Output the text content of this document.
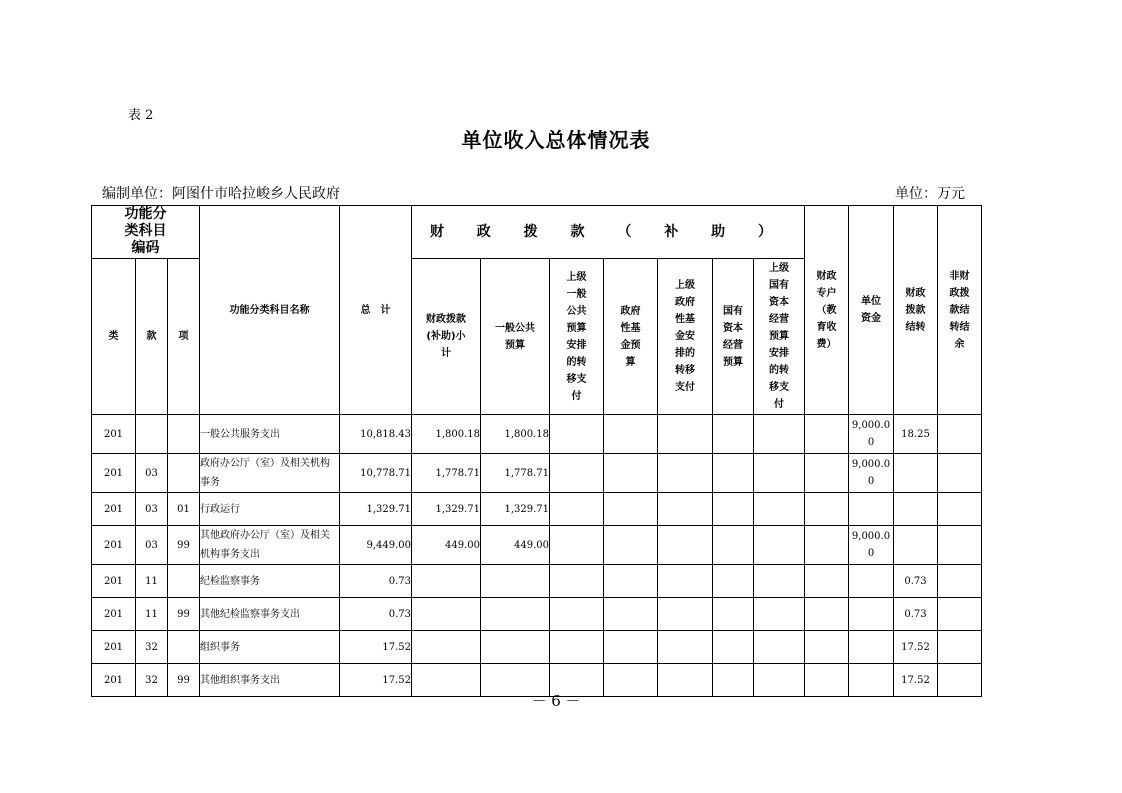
表 2
单位收入总体情况表
编制单位：阿图什市哈拉峻乡人民政府	单位：万元
功能分类科目编码			功能分类科目名称	总　计	财 政 拨 款 （ 补 助 ）							财政专户（教育收费）	单位资金	财政拨款结转	非财政拨款结转结余
类	款	项			财政拨款(补助)小计	一般公共预算	上级一般公共预算安排的转移支付	政府性基金预算	上级政府性基金安排的转移支付	国有资本经营预算	上级国有资本经营预算安排的转移支付				
201			一般公共服务支出	10,818.43	1,800.18	1,800.18							9,000.00	18.25	
201	03		政府办公厅（室）及相关机构事务	10,778.71	1,778.71	1,778.71							9,000.00		
201	03	01	行政运行	1,329.71	1,329.71	1,329.71									
201	03	99	其他政府办公厅（室）及相关机构事务支出	9,449.00	449.00	449.00							9,000.00		
201	11		纪检监察事务	0.73										0.73	
201	11	99	其他纪检监察事务支出	0.73										0.73	
201	32		组织事务	17.52										17.52	
201	32	99	其他组织事务支出	17.52										17.52	
－ 6 －
